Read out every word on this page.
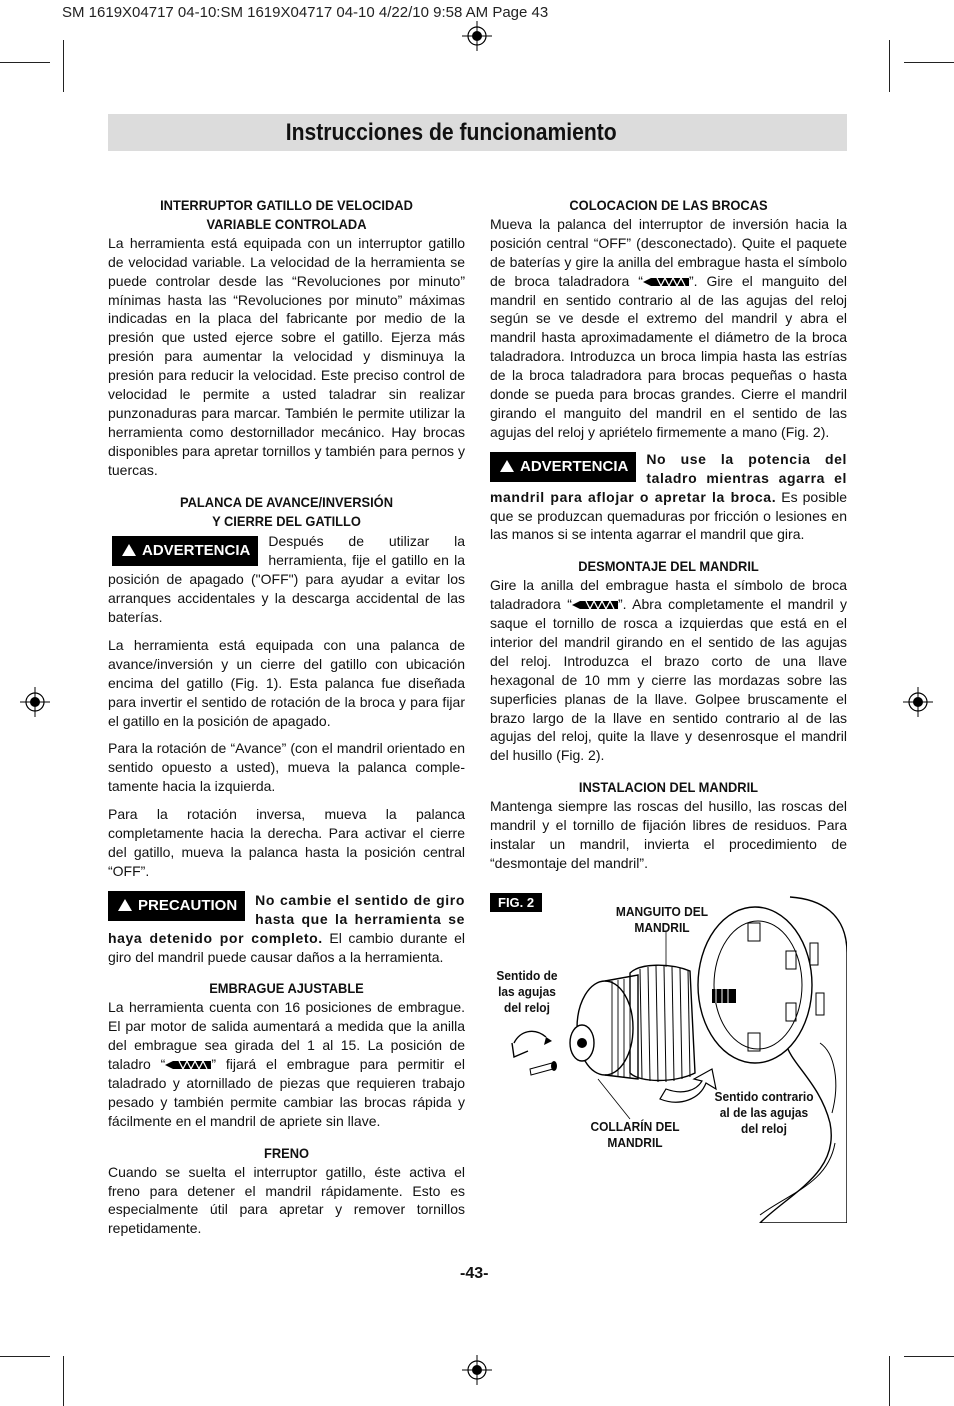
SM 1619X04717 04-10:SM 1619X04717 04-10 4/22/10 9:58 AM Page 43
Instrucciones de funcionamiento
INTERRUPTOR GATILLO DE VELOCIDAD
VARIABLE CONTROLADA

La herramienta está equipada con un interruptor gatillo de velocidad variable. La velocidad de la herramienta se puede controlar desde las “Revoluciones por minuto” mínimas hasta las “Revoluciones por minuto” máximas indicadas en la placa del fabricante por medio de la presión que usted ejerce sobre el gatillo. Ejerza más presión para aumentar la velocidad y disminuya la presión para reducir la velocidad. Este preciso control de velocidad le permite a usted taladrar sin realizar punzonaduras para marcar. También le permite utilizar la herramienta como destornillador mecánico. Hay brocas disponibles para apretar tornillos y también para pernos y tuercas.

PALANCA DE AVANCE/INVERSIÓN
Y CIERRE DEL GATILLO

!
ADVERTENCIA
Después de utilizar la herramienta, fije el gatillo en la posición de apagado ("OFF") para ayudar a evitar los arranques accidentales y la descarga accidental de las baterías.

La herramienta está equipada con una palanca de avance/inversión y un cierre del gatillo con ubicación encima del gatillo (Fig. 1). Esta palanca fue diseñada para invertir el sentido de rotación de la broca y para fijar el gatillo en la posición de apagado.

Para la rotación de “Avance” (con el mandril orientado en sentido opuesto a usted), mueva la palanca comple-tamente hacia la izquierda.

Para la rotación inversa, mueva la palanca completamente hacia la derecha. Para activar el cierre del gatillo, mueva la palanca hasta la posición central “OFF”.

!
PRECAUTION	No cambie el sentido de giro hasta que la herramienta se haya detenido por completo. El cambio durante el giro del mandril puede causar daños a la herramienta.

EMBRAGUE AJUSTABLE

La herramienta cuenta con 16 posiciones de embrague. El par motor de salida aumentará a medida que la anilla del embrague sea girada del 1 al 15. La posición de taladro “	” fijará el embrague para permitir el taladrado y atornillado de piezas que requieren trabajo pesado y también permite cambiar las brocas rápida y fácilmente en el mandril de apriete sin llave.

FRENO

Cuando se suelta el interruptor gatillo, éste activa el freno para detener el mandril rápidamente. Esto es especialmente útil para apretar y remover tornillos repetidamente.

COLOCACION DE LAS BROCAS

Mueva la palanca del interruptor de inversión hacia la posición central “OFF” (desconectado). Quite el paquete de baterías y gire la anilla del embrague hasta el símbolo de broca taladradora “	”. Gire el manguito del mandril en sentido contrario al de las agujas del reloj según se ve desde el extremo del mandril y abra el mandril hasta aproximadamente el diámetro de la broca taladradora. Introduzca un broca limpia hasta las estrías de la broca taladradora para brocas pequeñas o hasta donde se pueda para brocas grandes. Cierre el mandril girando el manguito del mandril en el sentido de las agujas del reloj y apriételo firmemente a mano (Fig. 2).

!
ADVERTENCIA	No use la potencia del taladro mientras agarra el mandril para aflojar o apretar la broca. Es posible que se produzcan quemaduras por fricción o lesiones en las manos si se intenta agarrar el mandril que gira.

DESMONTAJE DEL MANDRIL

Gire la anilla del embrague hasta el símbolo de broca taladradora “	”. Abra completamente el mandril y saque el tornillo de rosca a izquierdas que está en el interior del mandril girando en el sentido de las agujas del reloj. Introduzca el brazo corto de una llave hexagonal de 10 mm y cierre las mordazas sobre las superficies planas de la llave. Golpee bruscamente el brazo largo de la llave en sentido contrario al de las agujas del reloj, quite la llave y desenrosque el mandril del husillo (Fig. 2).

INSTALACION DEL MANDRIL

Mantenga siempre las roscas del husillo, las roscas del mandril y el tornillo de fijación libres de residuos. Para instalar un mandril, invierta el procedimiento de “desmontaje del mandril”.

FIG. 2
MANGUITO DEL MANDRIL
Sentido de las agujas del reloj
COLLARÍN DEL MANDRIL
Sentido contrario al de las agujas del reloj
-43-
